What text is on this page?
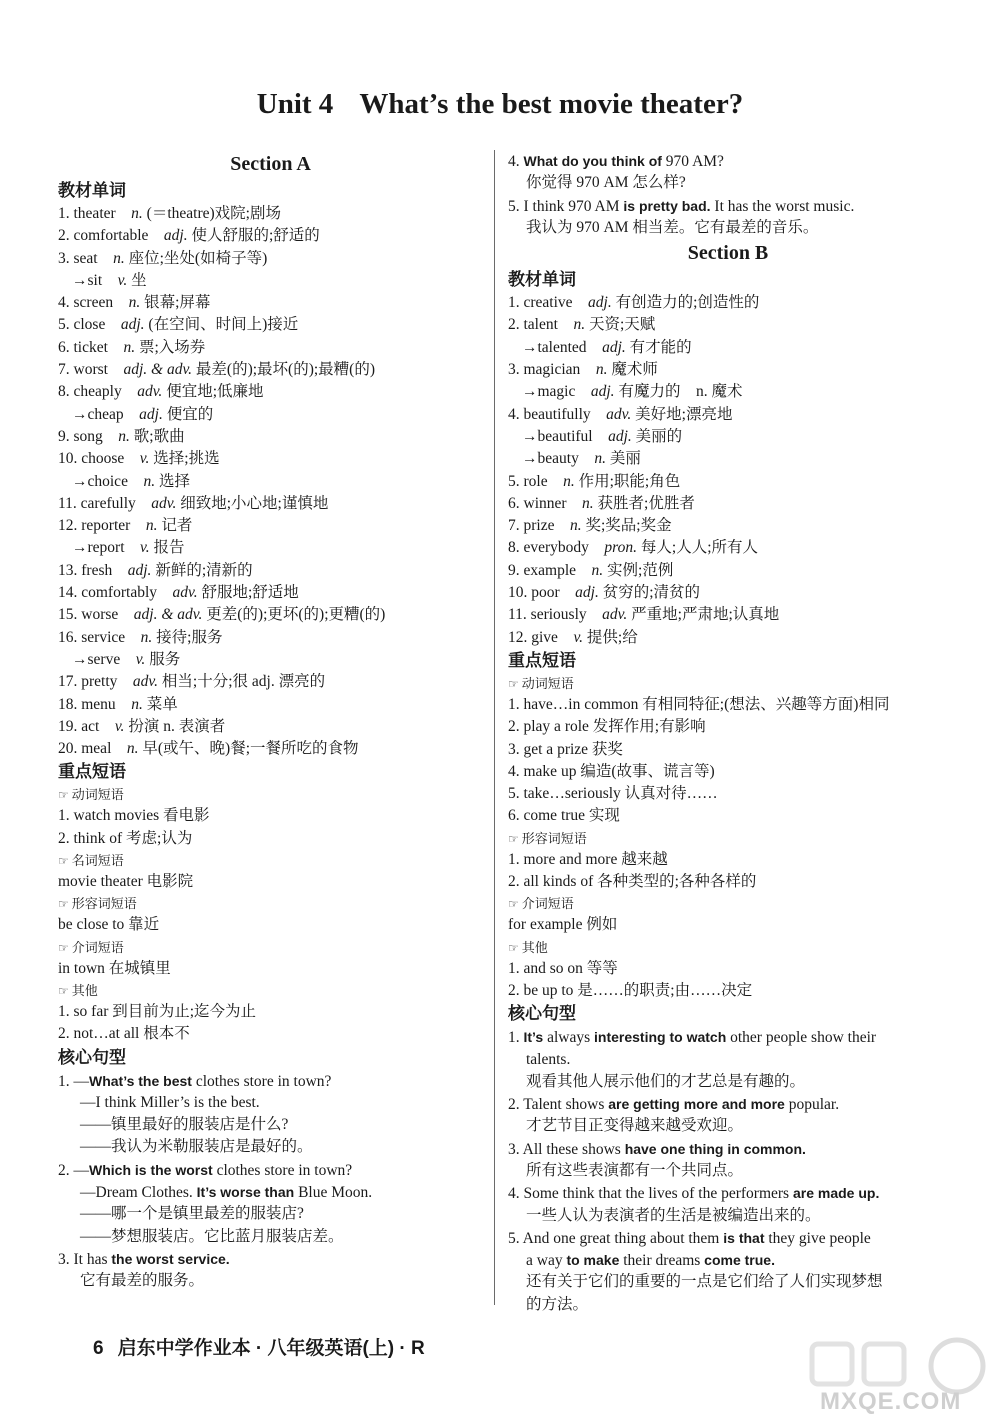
Unit 4 What’s the best movie theater?
Section A
教材单词
1. theater　n. (＝theatre)戏院;剧场
2. comfortable　adj. 使人舒服的;舒适的
3. seat　n. 座位;坐处(如椅子等)
→sit　v. 坐
4. screen　n. 银幕;屏幕
5. close　adj. (在空间、时间上)接近
6. ticket　n. 票;入场券
7. worst　adj. & adv. 最差(的);最坏(的);最糟(的)
8. cheaply　adv. 便宜地;低廉地
→cheap　adj. 便宜的
9. song　n. 歌;歌曲
10. choose　v. 选择;挑选
→choice　n. 选择
11. carefully　adv. 细致地;小心地;谨慎地
12. reporter　n. 记者
→report　v. 报告
13. fresh　adj. 新鲜的;清新的
14. comfortably　adv. 舒服地;舒适地
15. worse　adj. & adv. 更差(的);更坏(的);更糟(的)
16. service　n. 接待;服务
→serve　v. 服务
17. pretty　adv. 相当;十分;很 adj. 漂亮的
18. menu　n. 菜单
19. act　v. 扮演 n. 表演者
20. meal　n. 早(或午、晚)餐;一餐所吃的食物
重点短语
☞ 动词短语
1. watch movies 看电影
2. think of 考虑;认为
☞ 名词短语
movie theater 电影院
☞ 形容词短语
be close to 靠近
☞ 介词短语
in town 在城镇里
☞ 其他
1. so far 到目前为止;迄今为止
2. not…at all 根本不
核心句型
1. —What’s the best clothes store in town?
—I think Miller’s is the best.
——镇里最好的服装店是什么?
——我认为米勒服装店是最好的。
2. —Which is the worst clothes store in town?
—Dream Clothes. It’s worse than Blue Moon.
——哪一个是镇里最差的服装店?
——梦想服装店。它比蓝月服装店差。
3. It has the worst service.
它有最差的服务。
4. What do you think of 970 AM?
你觉得 970 AM 怎么样?
5. I think 970 AM is pretty bad. It has the worst music.
我认为 970 AM 相当差。它有最差的音乐。
Section B
教材单词
1. creative　adj. 有创造力的;创造性的
2. talent　n. 天资;天赋
→talented　adj. 有才能的
3. magician　n. 魔术师
→magic　adj. 有魔力的　n. 魔术
4. beautifully　adv. 美好地;漂亮地
→beautiful　adj. 美丽的
→beauty　n. 美丽
5. role　n. 作用;职能;角色
6. winner　n. 获胜者;优胜者
7. prize　n. 奖;奖品;奖金
8. everybody　pron. 每人;人人;所有人
9. example　n. 实例;范例
10. poor　adj. 贫穷的;清贫的
11. seriously　adv. 严重地;严肃地;认真地
12. give　v. 提供;给
重点短语
☞ 动词短语
1. have…in common 有相同特征;(想法、兴趣等方面)相同
2. play a role 发挥作用;有影响
3. get a prize 获奖
4. make up 编造(故事、谎言等)
5. take…seriously 认真对待……
6. come true 实现
☞ 形容词短语
1. more and more 越来越
2. all kinds of 各种类型的;各种各样的
☞ 介词短语
for example 例如
☞ 其他
1. and so on 等等
2. be up to 是……的职责;由……决定
核心句型
1. It’s always interesting to watch other people show their
talents.
观看其他人展示他们的才艺总是有趣的。
2. Talent shows are getting more and more popular.
才艺节目正变得越来越受欢迎。
3. All these shows have one thing in common.
所有这些表演都有一个共同点。
4. Some think that the lives of the performers are made up.
一些人认为表演者的生活是被编造出来的。
5. And one great thing about them is that they give people
a way to make their dreams come true.
还有关于它们的重要的一点是它们给了人们实现梦想
的方法。
6 启东中学作业本 · 八年级英语(上) · R
MXQE.COM
